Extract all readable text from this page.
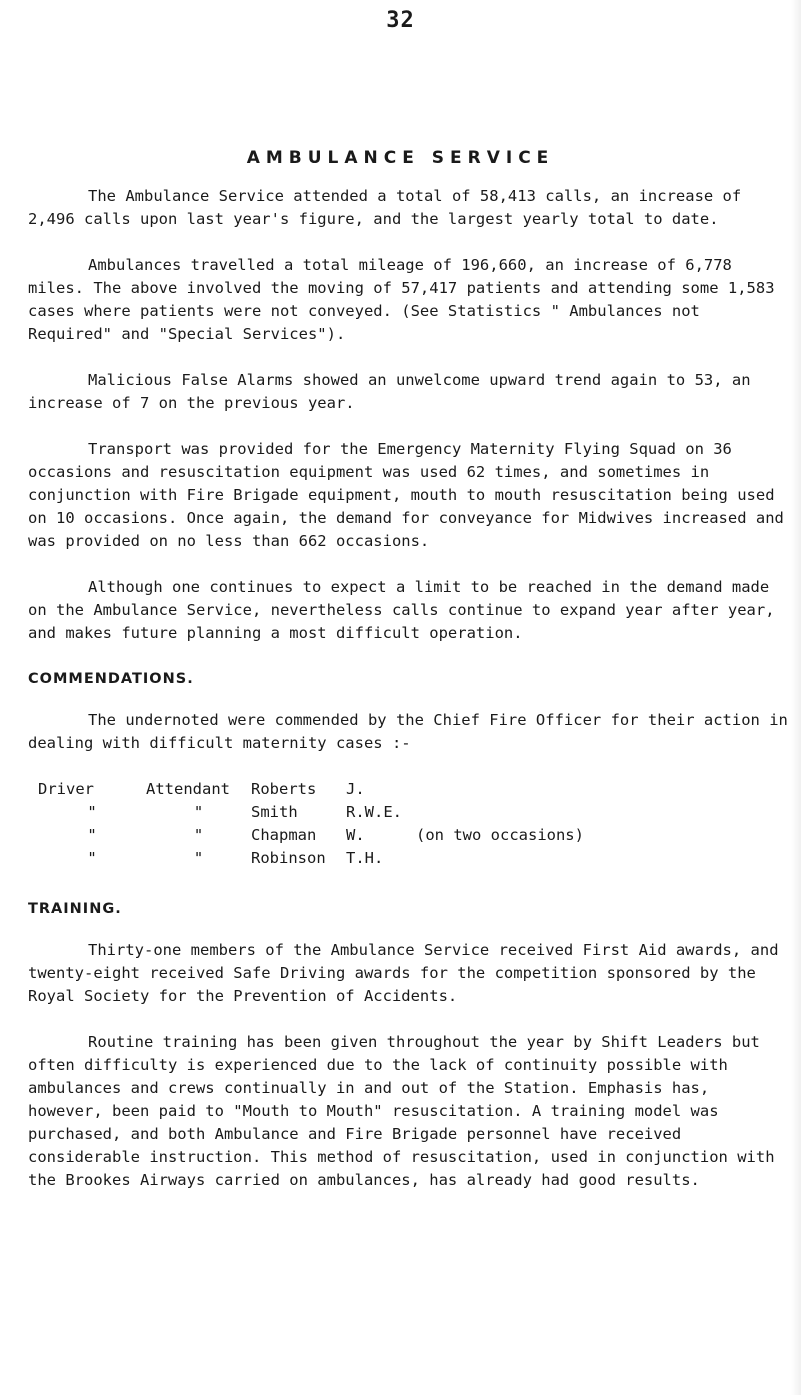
32
AMBULANCE SERVICE

The Ambulance Service attended a total of 58,413 calls, an increase of 2,496 calls upon last year's figure, and the largest yearly total to date.

Ambulances travelled a total mileage of 196,660, an increase of 6,778 miles. The above involved the moving of 57,417 patients and attending some 1,583 cases where patients were not conveyed. (See Statistics " Ambulances not Required" and "Special Services").

Malicious False Alarms showed an unwelcome upward trend again to 53, an increase of 7 on the previous year.

Transport was provided for the Emergency Maternity Flying Squad on 36 occasions and resuscitation equipment was used 62 times, and sometimes in conjunction with Fire Brigade equipment, mouth to mouth resuscitation being used on 10 occasions. Once again, the demand for conveyance for Midwives increased and was provided on no less than 662 occasions.

Although one continues to expect a limit to be reached in the demand made on the Ambulance Service, nevertheless calls continue to expand year after year, and makes future planning a most difficult operation.

COMMENDATIONS.

The undernoted were commended by the Chief Fire Officer for their action in dealing with difficult maternity cases :-

Driver	Attendant	Roberts	J.
"	"	Smith	R.W.E.
"	"	Chapman	W.	(on two occasions)
"	"	Robinson	T.H.
TRAINING.

Thirty-one members of the Ambulance Service received First Aid awards, and twenty-eight received Safe Driving awards for the competition sponsored by the Royal Society for the Prevention of Accidents.

Routine training has been given throughout the year by Shift Leaders but often difficulty is experienced due to the lack of continuity possible with ambulances and crews continually in and out of the Station. Emphasis has, however, been paid to "Mouth to Mouth" resuscitation. A training model was purchased, and both Ambulance and Fire Brigade personnel have received considerable instruction. This method of resuscitation, used in conjunction with the Brookes Airways carried on ambulances, has already had good results.
